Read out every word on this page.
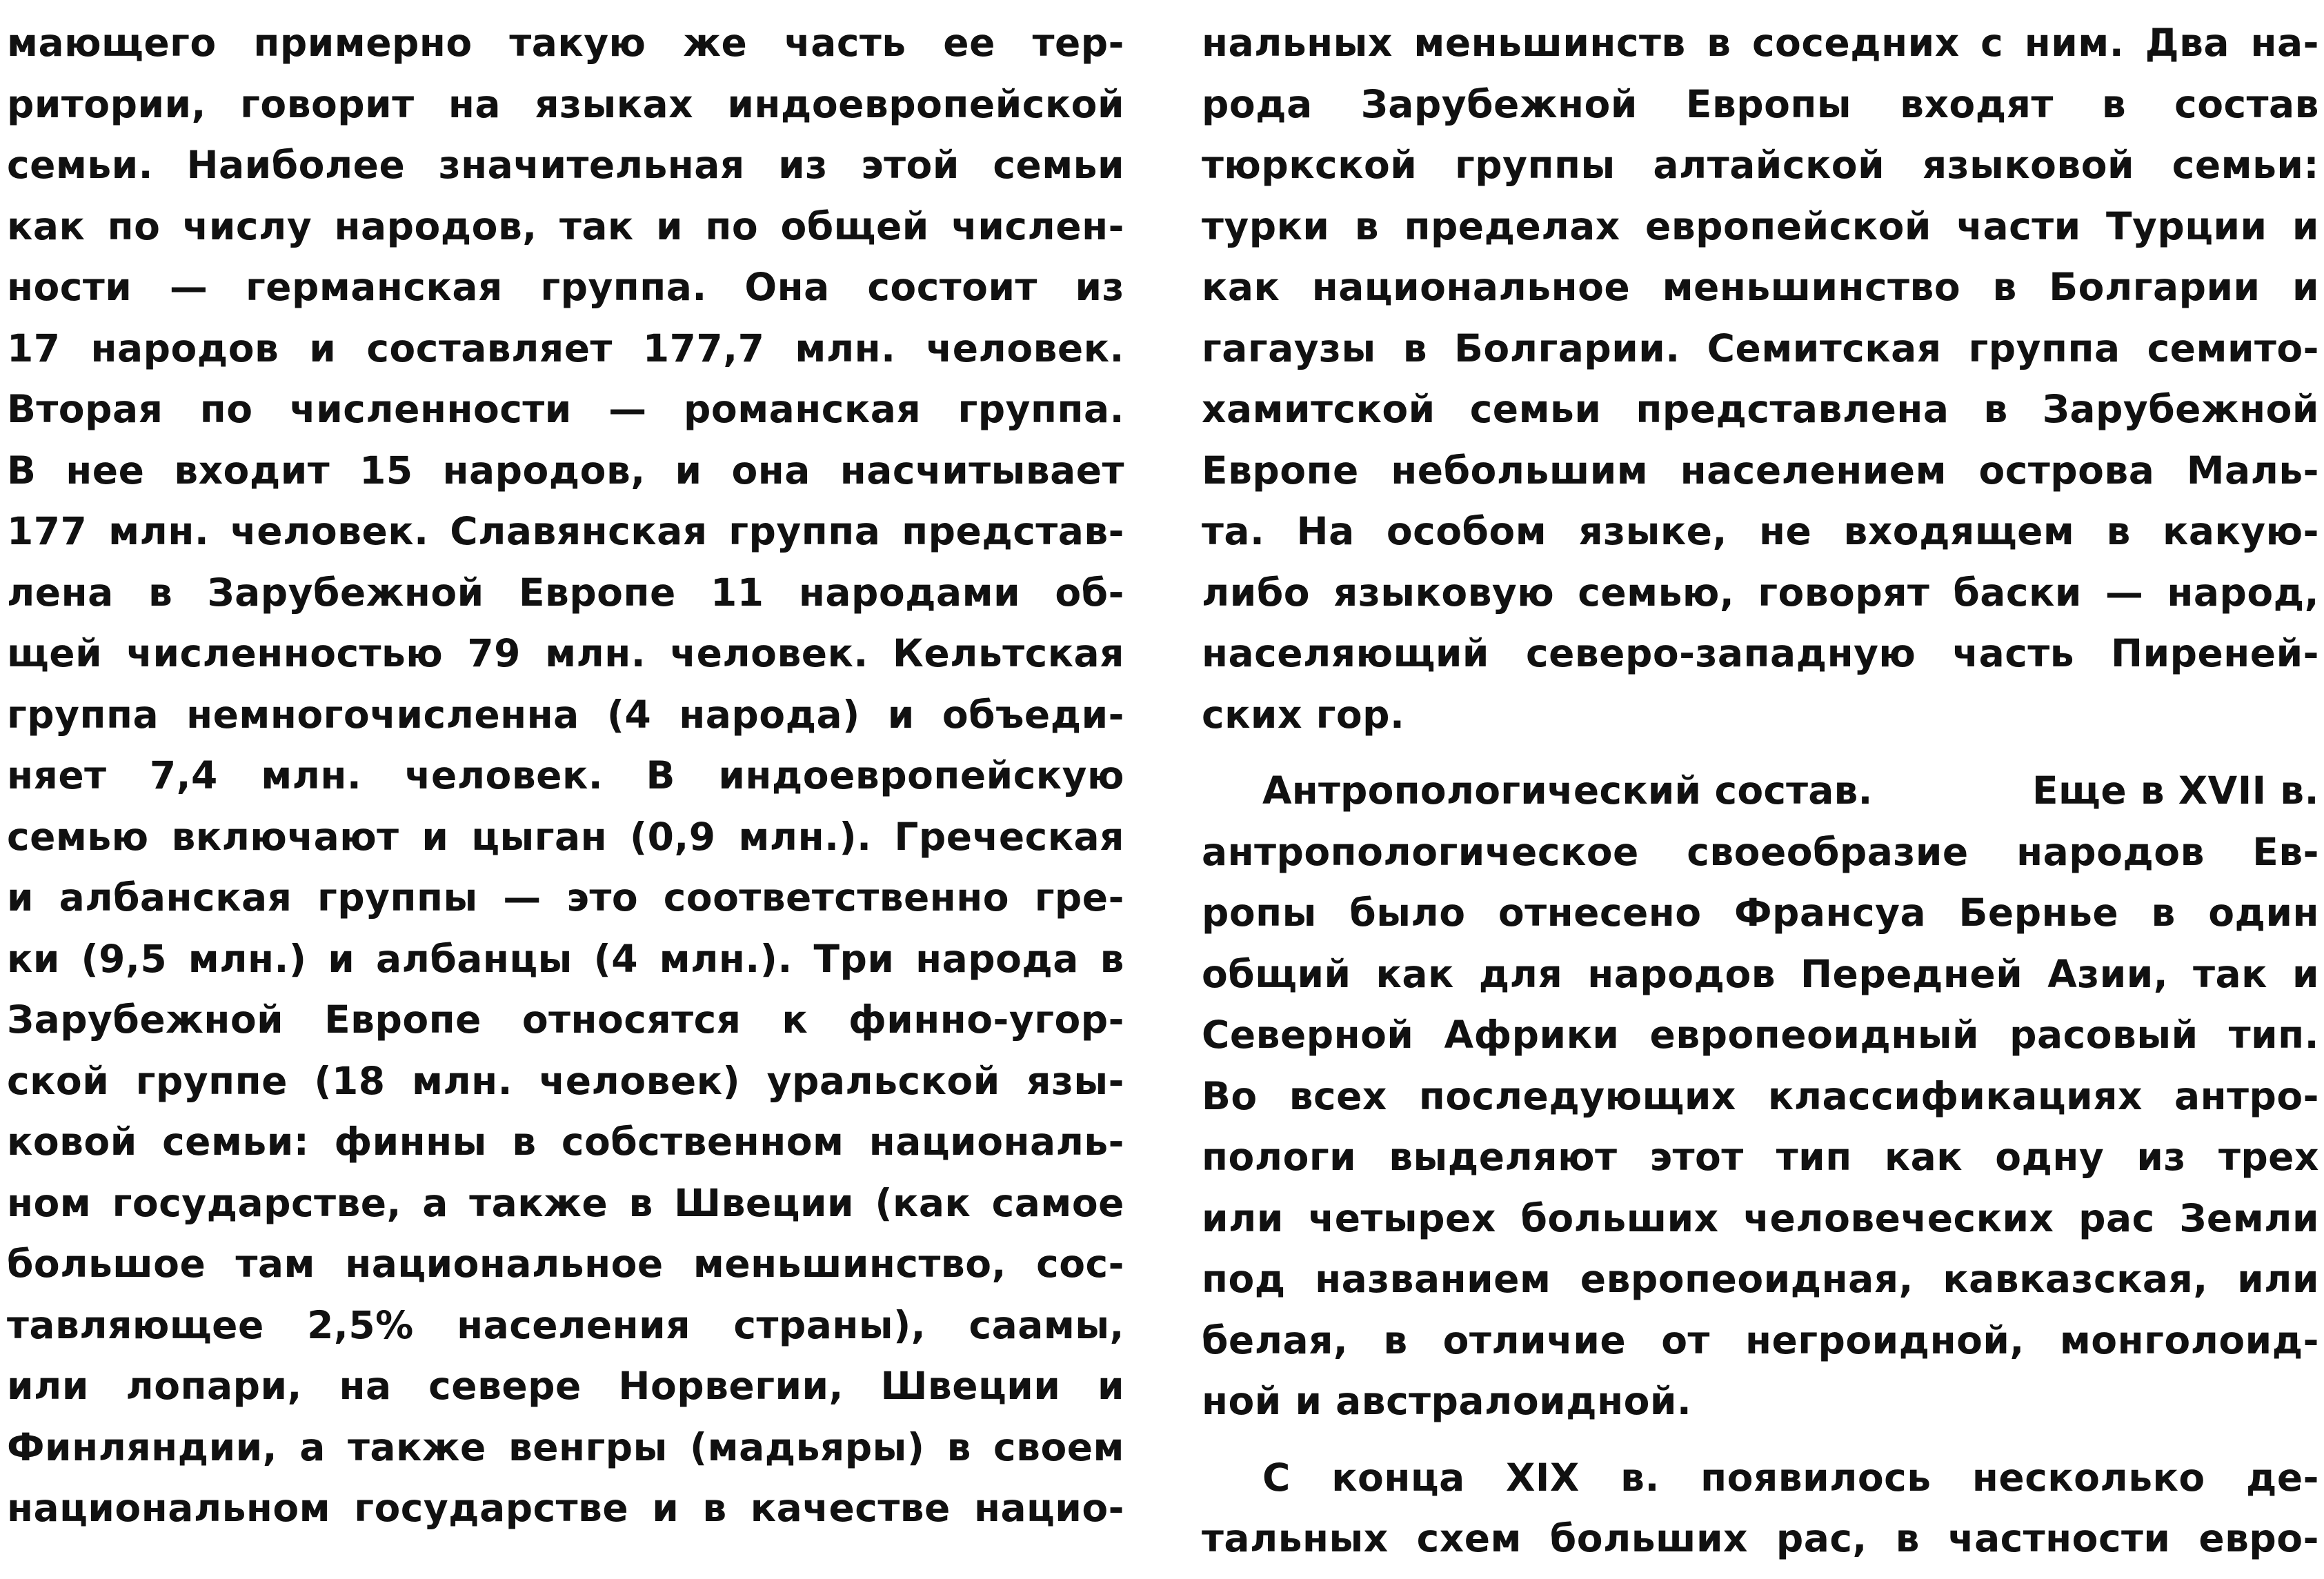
мающего примерно такую же часть ее тер-
ритории, говорит на языках индоевропейской
семьи. Наиболее значительная из этой семьи
как по числу народов, так и по общей числен-
ности — германская группа. Она состоит из
17 народов и составляет 177,7 млн. человек.
Вторая по численности — романская группа.
В нее входит 15 народов, и она насчитывает
177 млн. человек. Славянская группа представ-
лена в Зарубежной Европе 11 народами об-
щей численностью 79 млн. человек. Кельтская
группа немногочисленна (4 народа) и объеди-
няет 7,4 млн. человек. В индоевропейскую
семью включают и цыган (0,9 млн.). Греческая
и албанская группы — это соответственно гре-
ки (9,5 млн.) и албанцы (4 млн.). Три народа в
Зарубежной Европе относятся к финно-угор-
ской группе (18 млн. человек) уральской язы-
ковой семьи: финны в собственном националь-
ном государстве, а также в Швеции (как самое
большое там национальное меньшинство, сос-
тавляющее 2,5% населения страны), саамы,
или лопари, на севере Норвегии, Швеции и
Финляндии, а также венгры (мадьяры) в своем
национальном государстве и в качестве нацио-
нальных меньшинств в соседних с ним. Два на-
рода Зарубежной Европы входят в состав
тюркской группы алтайской языковой семьи:
турки в пределах европейской части Турции и
как национальное меньшинство в Болгарии и
гагаузы в Болгарии. Семитская группа семито-
хамитской семьи представлена в Зарубежной
Европе небольшим населением острова Маль-
та. На особом языке, не входящем в какую-
либо языковую семью, говорят баски — народ,
населяющий северо-западную часть Пиреней-
ских гор.
Антропологический состав.	Еще в XVII в.
антропологическое своеобразие народов Ев-
ропы было отнесено Франсуа Бернье в один
общий как для народов Передней Азии, так и
Северной Африки европеоидный расовый тип.
Во всех последующих классификациях антро-
пологи выделяют этот тип как одну из трех
или четырех больших человеческих рас Земли
под названием европеоидная, кавказская, или
белая, в отличие от негроидной, монголоид-
ной и австралоидной.
С конца XIX в. появилось несколько де-
тальных схем больших рас, в частности евро-
